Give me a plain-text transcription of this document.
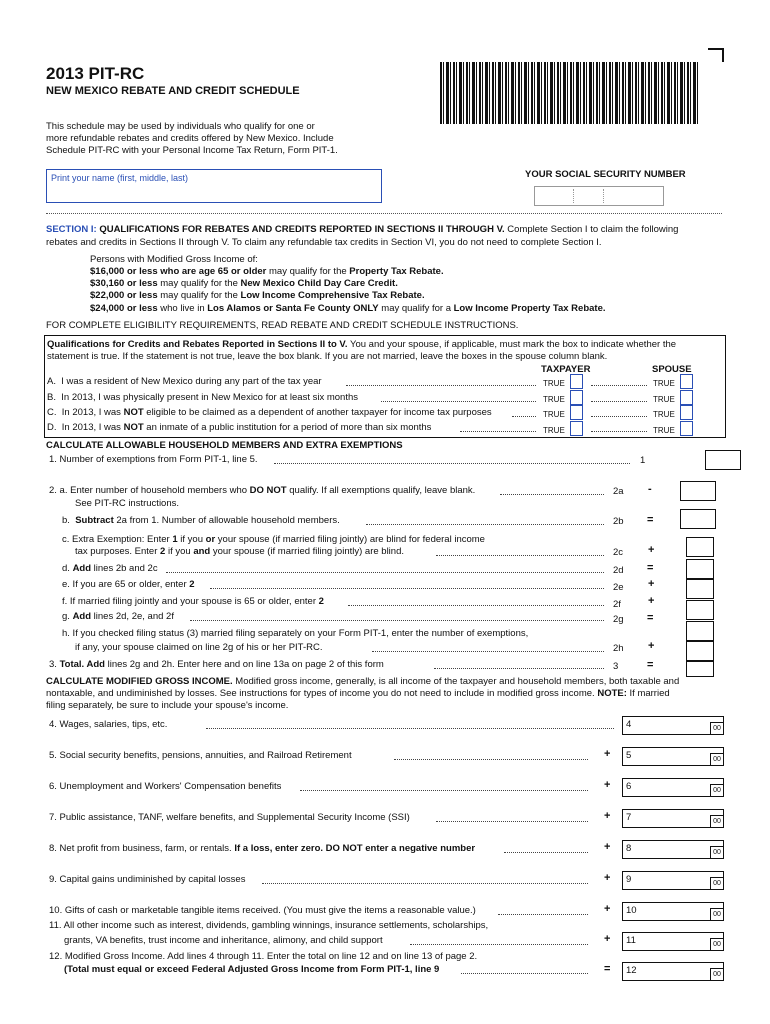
2013 PIT-RC
NEW MEXICO REBATE AND CREDIT SCHEDULE
This schedule may be used by individuals who qualify for one or
more refundable rebates and credits offered by New Mexico. Include
Schedule PIT-RC with your Personal Income Tax Return, Form PIT-1.
Print your name (first, middle, last)	YOUR SOCIAL SECURITY NUMBER
SECTION I: QUALIFICATIONS FOR REBATES AND CREDITS REPORTED IN SECTIONS II THROUGH V. Complete Section I to claim the following
rebates and credits in Sections II through V. To claim any refundable tax credits in Section VI, you do not need to complete Section I.
Persons with Modified Gross Income of:
$16,000 or less who are age 65 or older may qualify for the Property Tax Rebate.
$30,160 or less may qualify for the New Mexico Child Day Care Credit.
$22,000 or less may qualify for the Low Income Comprehensive Tax Rebate.
$24,000 or less who live in Los Alamos or Santa Fe County ONLY may qualify for a Low Income Property Tax Rebate.
FOR COMPLETE ELIGIBILITY REQUIREMENTS, READ REBATE AND CREDIT SCHEDULE INSTRUCTIONS.
Qualifications for Credits and Rebates Reported in Sections II to V. You and your spouse, if applicable, must mark the box to indicate whether the
statement is true. If the statement is not true, leave the box blank. If you are not married, leave the boxes in the spouse column blank.
TAXPAYER	SPOUSE
A. I was a resident of New Mexico during any part of the tax year	TRUE	TRUE
B. In 2013, I was physically present in New Mexico for at least six months	TRUE	TRUE
C. In 2013, I was NOT eligible to be claimed as a dependent of another taxpayer for income tax purposes	TRUE	TRUE
D. In 2013, I was NOT an inmate of a public institution for a period of more than six months	TRUE	TRUE
CALCULATE ALLOWABLE HOUSEHOLD MEMBERS AND EXTRA EXEMPTIONS
1. Number of exemptions from Form PIT-1, line 5.	1
2. a. Enter number of household members who DO NOT qualify. If all exemptions qualify, leave blank.	2a -
See PIT-RC instructions.
b.  Subtract 2a from 1. Number of allowable household members.	2b =
c. Extra Exemption: Enter 1 if you or your spouse (if married filing jointly) are blind for federal income
tax purposes. Enter 2 if you and your spouse (if married filing jointly) are blind.	2c +
d. Add lines 2b and 2c	2d =
e. If you are 65 or older, enter 2	2e +
f. If married filing jointly and your spouse is 65 or older, enter 2	2f +
g. Add lines 2d, 2e, and 2f	2g =
h. If you checked filing status (3) married filing separately on your Form PIT-1, enter the number of exemptions,
if any, your spouse claimed on line 2g of his or her PIT-RC.	2h +
3. Total. Add lines 2g and 2h. Enter here and on line 13a on page 2 of this form	3	=
CALCULATE MODIFIED GROSS INCOME. Modified gross income, generally, is all income of the taxpayer and household members, both taxable and
nontaxable, and undiminished by losses. See instructions for types of income you do not need to include in modified gross income. NOTE: If married
filing separately, be sure to include your spouse's income.
4. Wages, salaries, tips, etc.	4	00
5. Social security benefits, pensions, annuities, and Railroad Retirement	+ 5	00
6. Unemployment and Workers' Compensation benefits	+ 6	00
7. Public assistance, TANF, welfare benefits, and Supplemental Security Income (SSI)	+ 7	00
8. Net profit from business, farm, or rentals. If a loss, enter zero. DO NOT enter a negative number	+ 8	00
9. Capital gains undiminished by capital losses	+ 9	00
10. Gifts of cash or marketable tangible items received. (You must give the items a reasonable value.)	+ 10	00
11. All other income such as interest, dividends, gambling winnings, insurance settlements, scholarships,
grants, VA benefits, trust income and inheritance, alimony, and child support	+ 11	00
12. Modified Gross Income. Add lines 4 through 11. Enter the total on line 12 and on line 13 of page 2.
(Total must equal or exceed Federal Adjusted Gross Income from Form PIT-1, line 9	= 12	00
